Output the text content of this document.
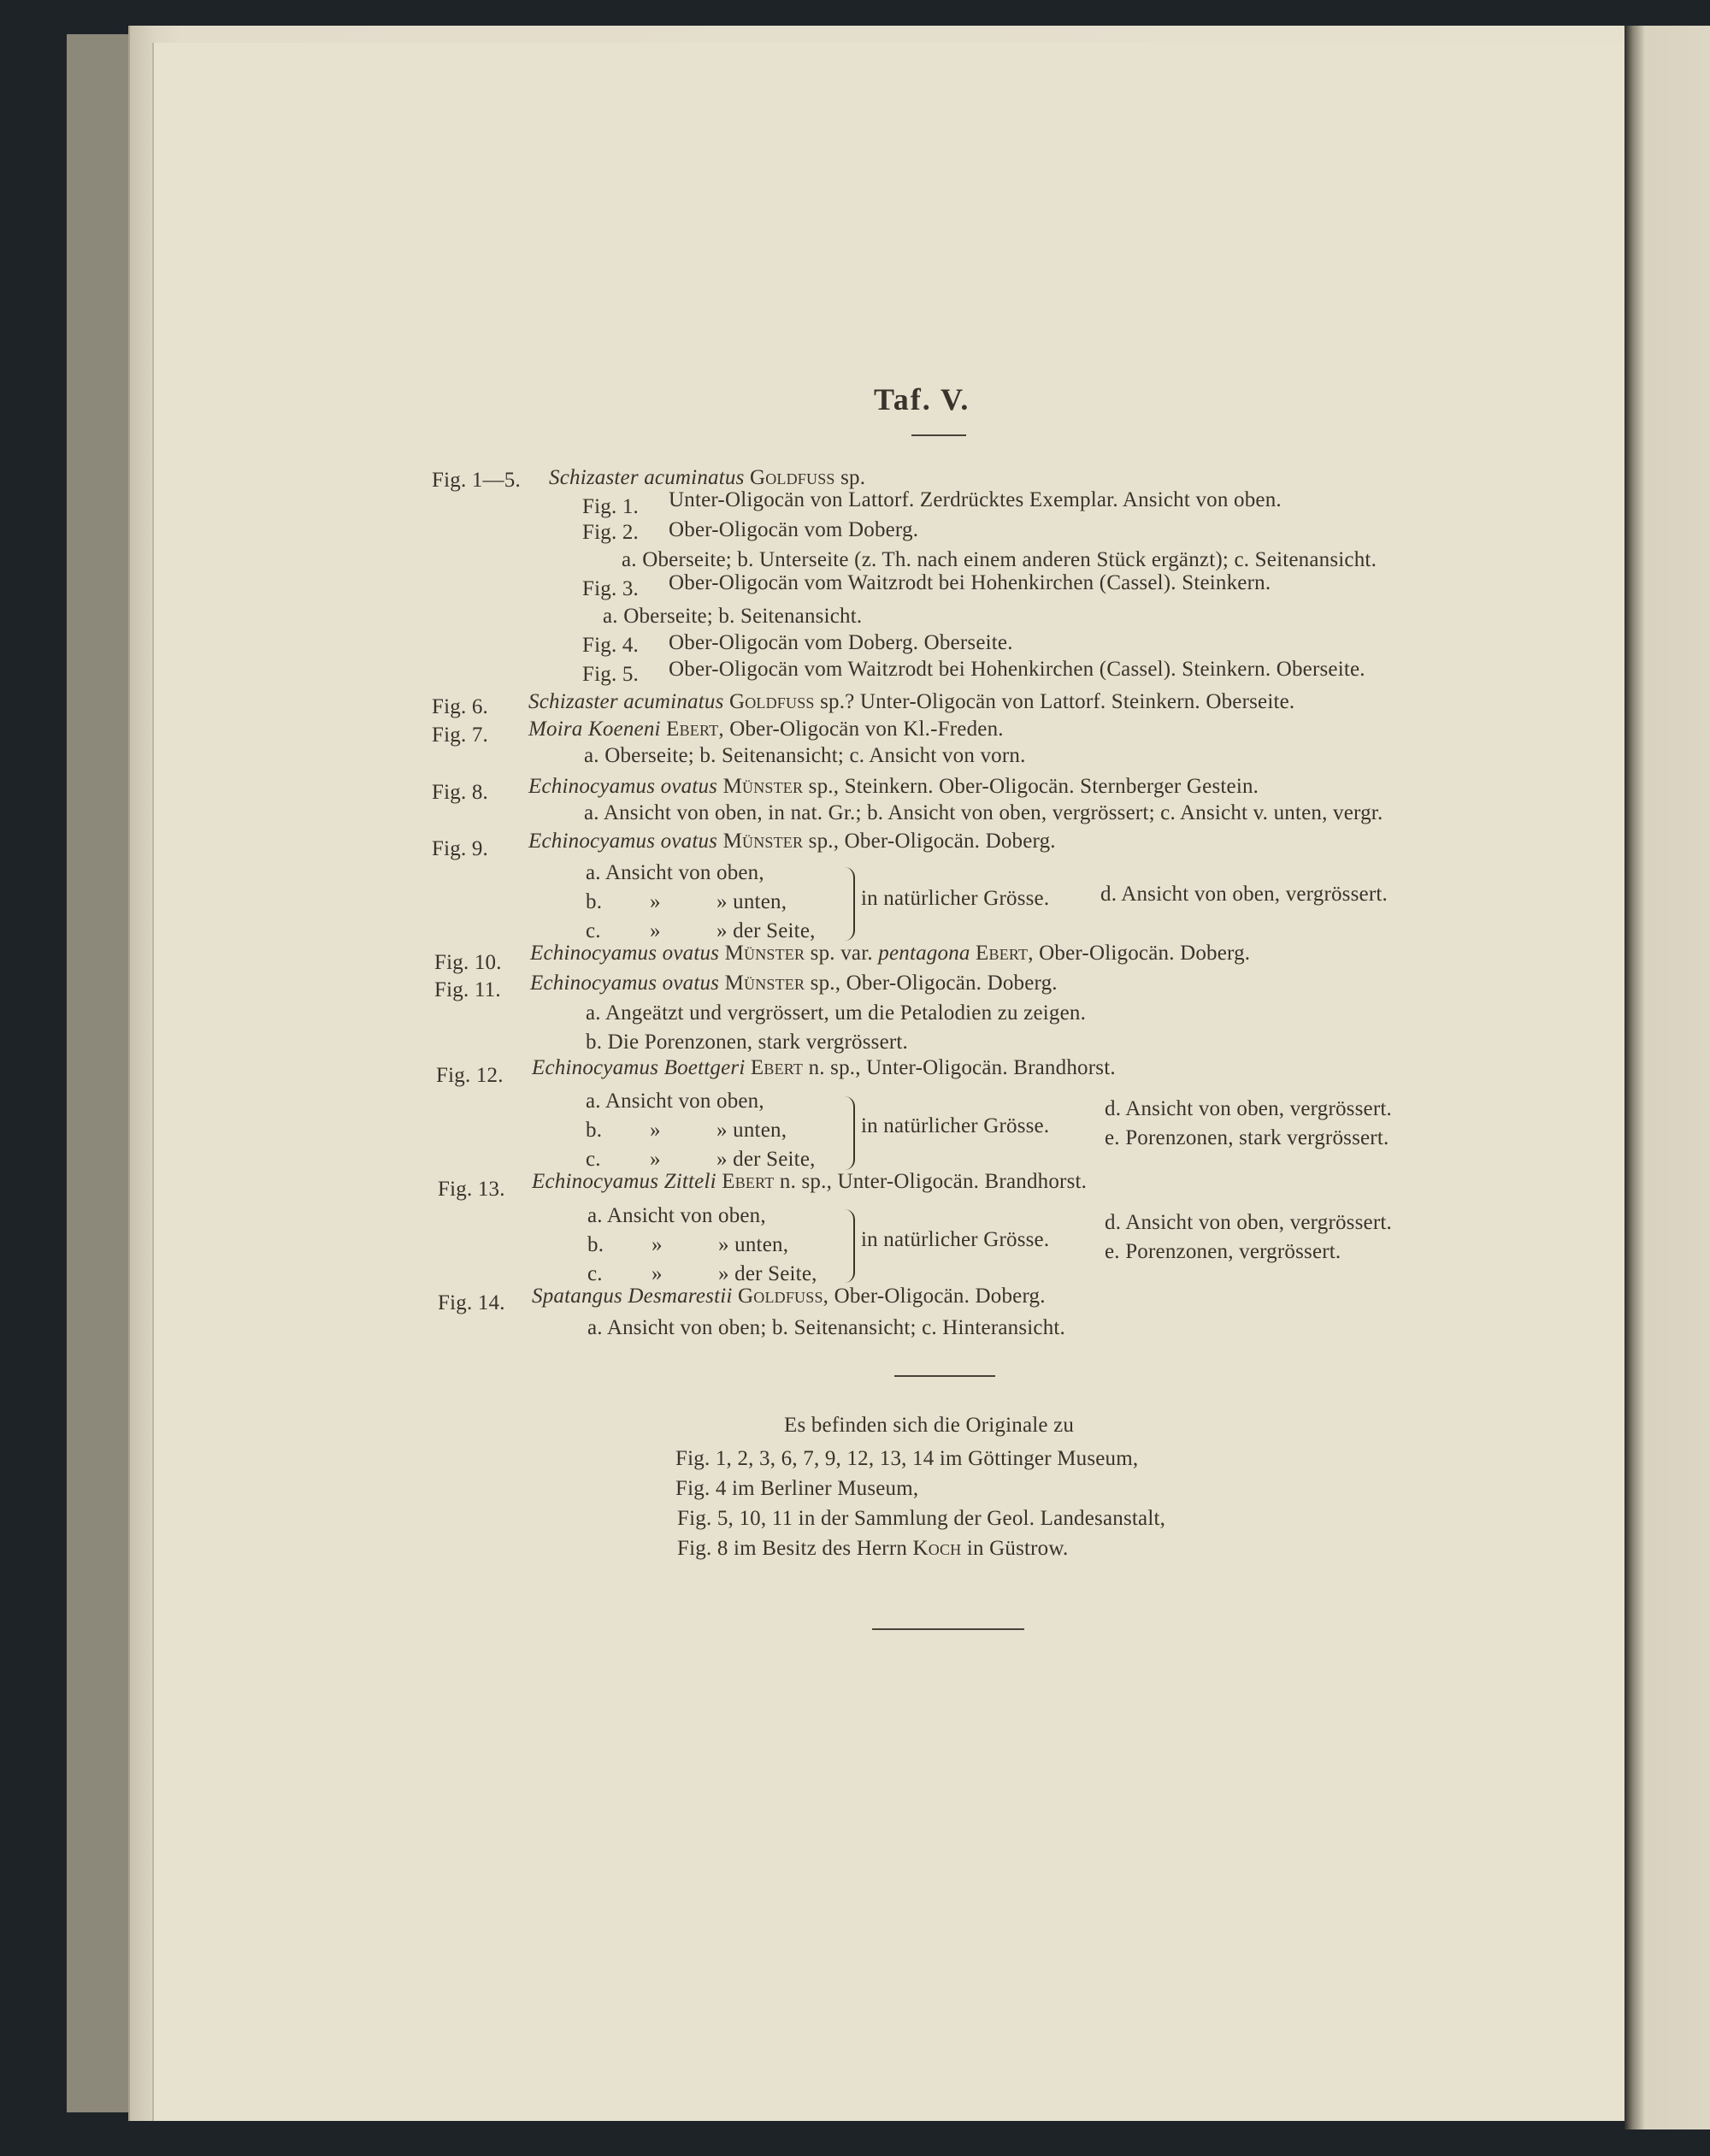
Taf. V.
Fig. 1—5. Schizaster acuminatus Goldfuss sp.
Fig. 1. Unter-Oligocän von Lattorf. Zerdrücktes Exemplar. Ansicht von oben.
Fig. 2. Ober-Oligocän vom Doberg.
a. Oberseite; b. Unterseite (z. Th. nach einem anderen Stück ergänzt); c. Seitenansicht.
Fig. 3. Ober-Oligocän vom Waitzrodt bei Hohenkirchen (Cassel). Steinkern.
a. Oberseite; b. Seitenansicht.
Fig. 4. Ober-Oligocän vom Doberg. Oberseite.
Fig. 5. Ober-Oligocän vom Waitzrodt bei Hohenkirchen (Cassel). Steinkern. Oberseite.
Fig. 6. Schizaster acuminatus Goldfuss sp.? Unter-Oligocän von Lattorf. Steinkern. Oberseite.
Fig. 7. Moira Koeneni Ebert, Ober-Oligocän von Kl.-Freden.
a. Oberseite; b. Seitenansicht; c. Ansicht von vorn.
Fig. 8. Echinocyamus ovatus Münster sp., Steinkern. Ober-Oligocän. Sternberger Gestein.
a. Ansicht von oben, in nat. Gr.; b. Ansicht von oben, vergrössert; c. Ansicht v. unten, vergr.
Fig. 9. Echinocyamus ovatus Münster sp., Ober-Oligocän. Doberg.
a. Ansicht von oben,
b. »	» unten,
c. »	» der Seite,
in natürlicher Grösse. d. Ansicht von oben, vergrössert.
Fig. 10. Echinocyamus ovatus Münster sp. var. pentagona Ebert, Ober-Oligocän. Doberg.
Fig. 11. Echinocyamus ovatus Münster sp., Ober-Oligocän. Doberg.
a. Angeätzt und vergrössert, um die Petalodien zu zeigen.
b. Die Porenzonen, stark vergrössert.
Fig. 12. Echinocyamus Boettgeri Ebert n. sp., Unter-Oligocän. Brandhorst.
a. Ansicht von oben,
b. »	» unten,
c. »	» der Seite,
in natürlicher Grösse.
d. Ansicht von oben, vergrössert.
e. Porenzonen, stark vergrössert.
Fig. 13. Echinocyamus Zitteli Ebert n. sp., Unter-Oligocän. Brandhorst.
a. Ansicht von oben,
b. »	» unten,
c. »	» der Seite,
in natürlicher Grösse.
d. Ansicht von oben, vergrössert.
e. Porenzonen, vergrössert.
Fig. 14. Spatangus Desmarestii Goldfuss, Ober-Oligocän. Doberg.
a. Ansicht von oben; b. Seitenansicht; c. Hinteransicht.
Es befinden sich die Originale zu
Fig. 1, 2, 3, 6, 7, 9, 12, 13, 14 im Göttinger Museum,
Fig. 4 im Berliner Museum,
Fig. 5, 10, 11 in der Sammlung der Geol. Landesanstalt,
Fig. 8 im Besitz des Herrn Koch in Güstrow.
